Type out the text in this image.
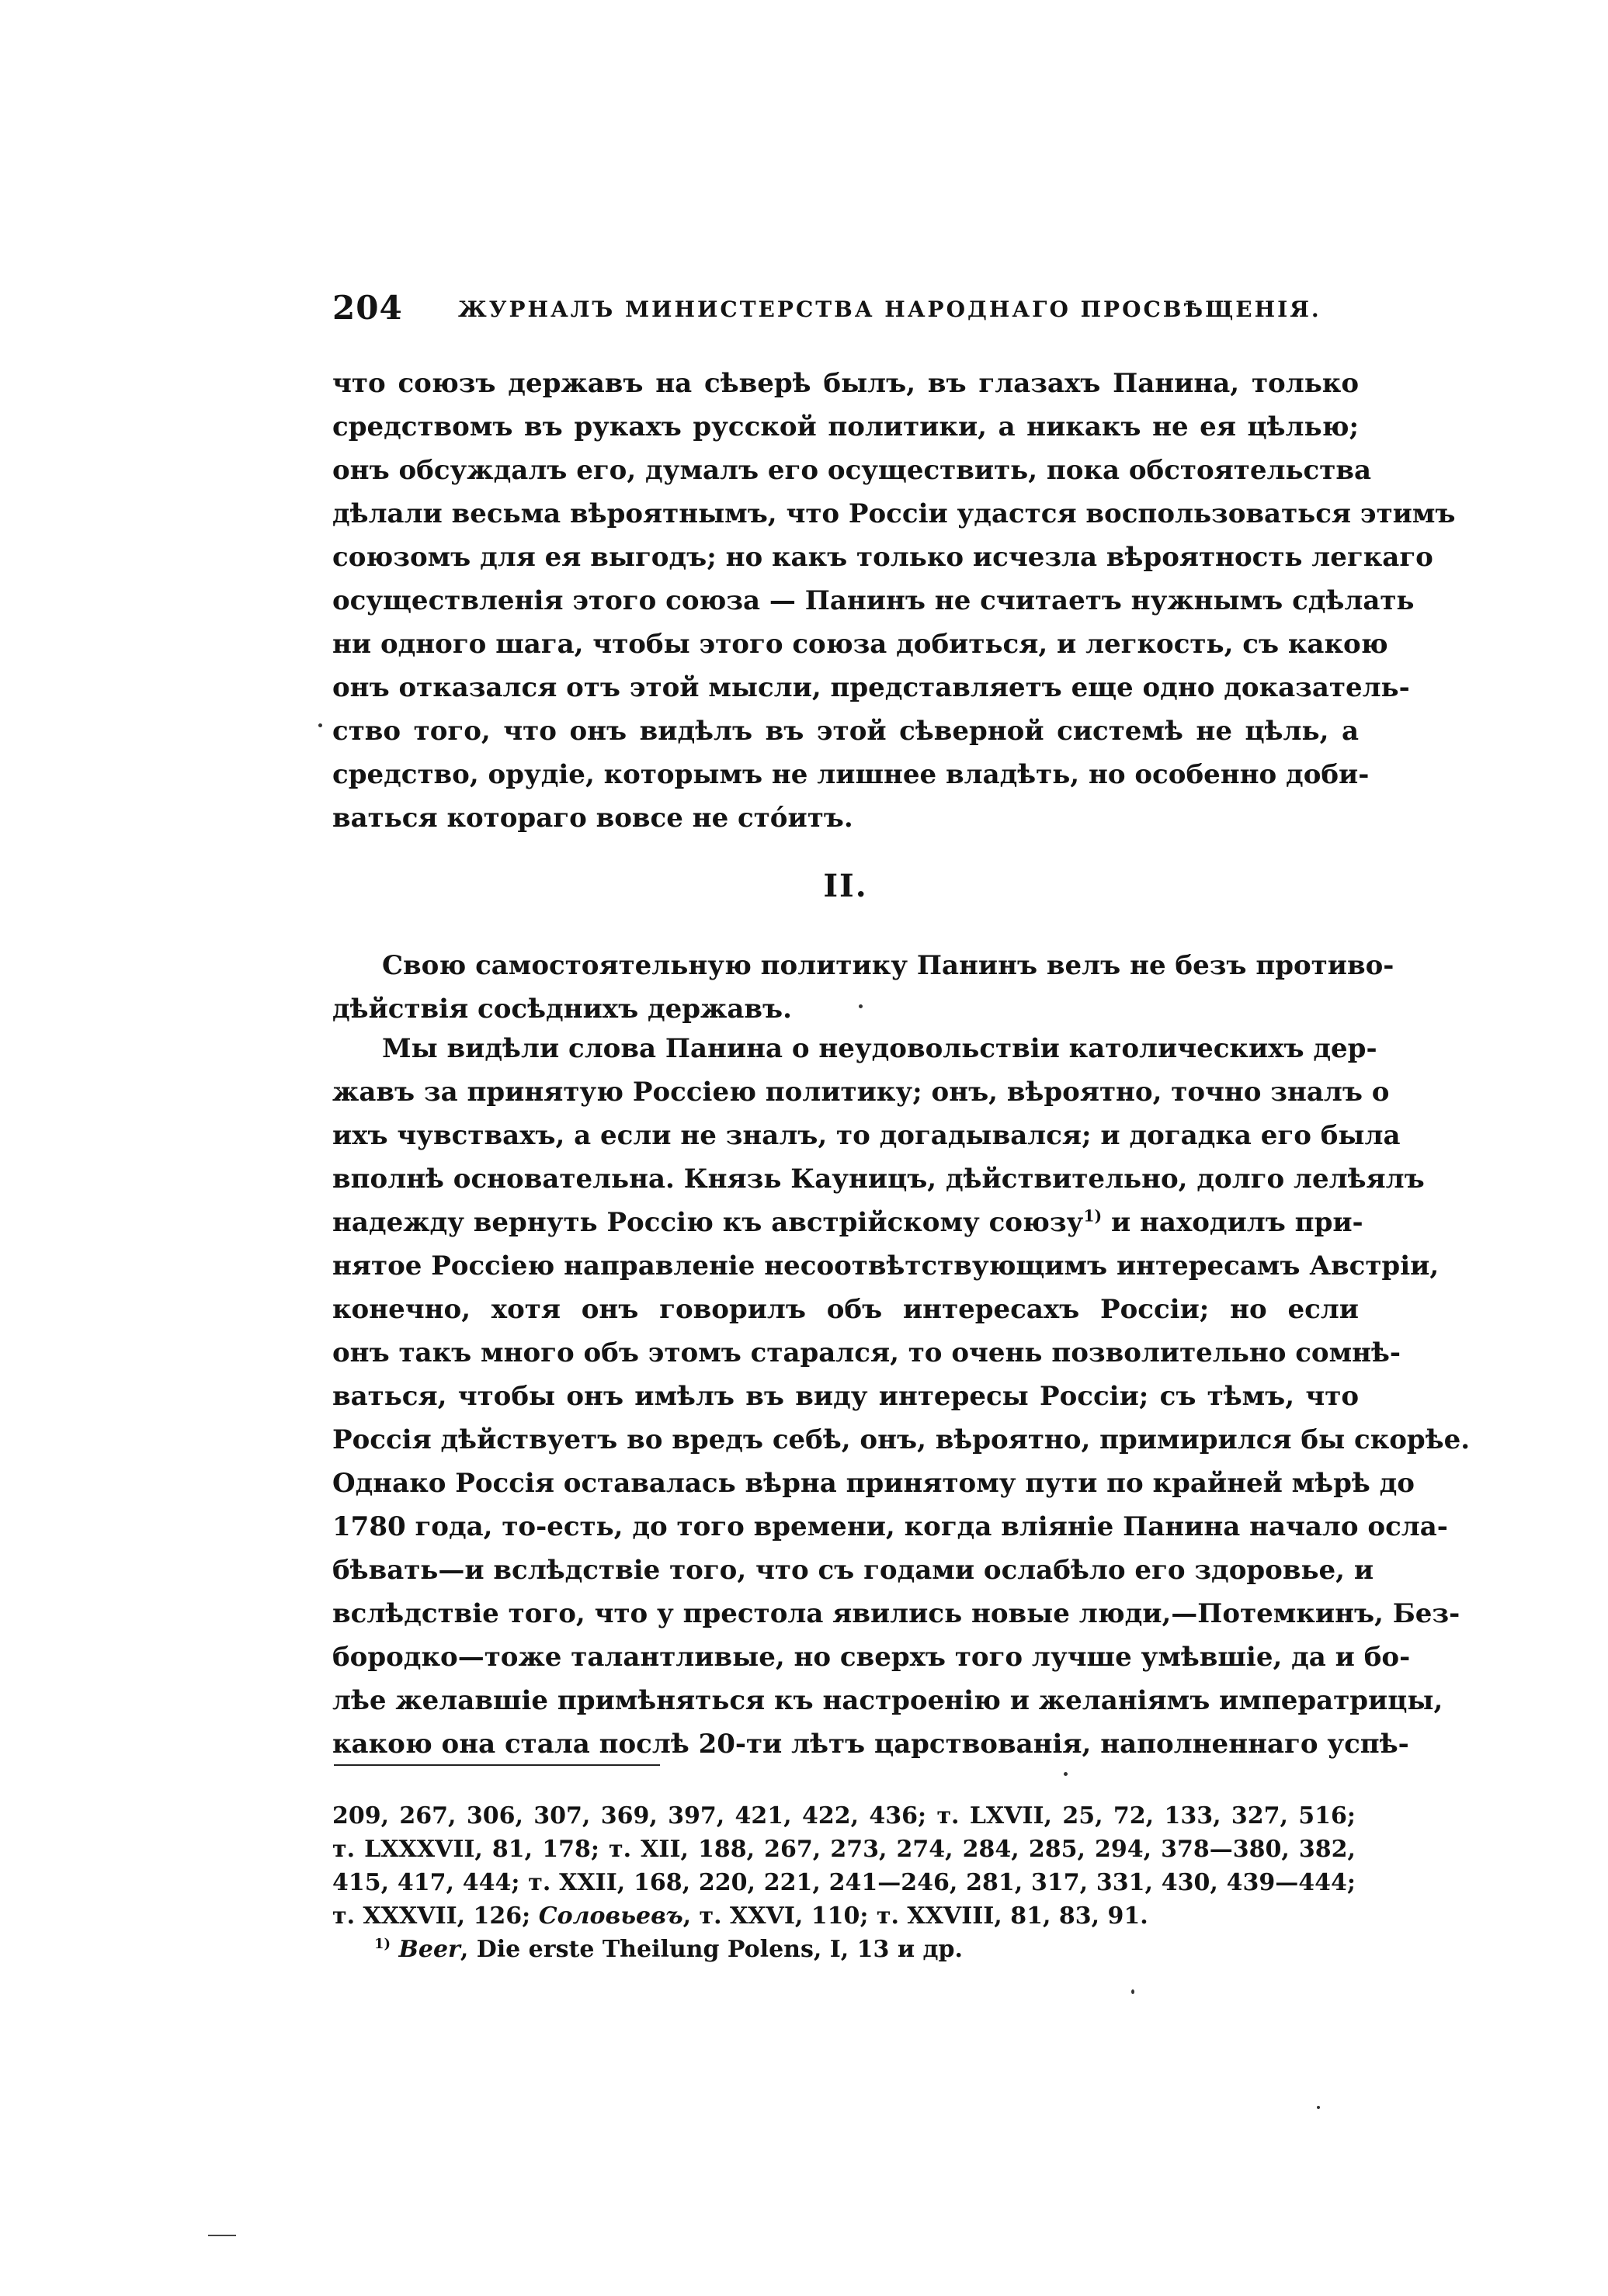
204	ЖУРНАЛЪ МИНИСТЕРСТВА НАРОДНАГО ПРОСВѢЩЕНІЯ.
что союзъ державъ на сѣверѣ былъ, въ глазахъ Панина, только
средствомъ въ рукахъ русской политики, а никакъ не ея цѣлью;
онъ обсуждалъ его, думалъ его осуществить, пока обстоятельства
дѣлали весьма вѣроятнымъ, что Россіи удастся воспользоваться этимъ
союзомъ для ея выгодъ; но какъ только исчезла вѣроятность легкаго
осуществленія этого союза — Панинъ не считаетъ нужнымъ сдѣлать
ни одного шага, чтобы этого союза добиться, и легкость, съ какою
онъ отказался отъ этой мысли, представляетъ еще одно доказатель-
ство того, что онъ видѣлъ въ этой сѣверной системѣ не цѣль, а
средство, орудіе, которымъ не лишнее владѣть, но особенно доби-
ваться котораго вовсе не стóитъ.
II.
Свою самостоятельную политику Панинъ велъ не безъ противо-
дѣйствія сосѣднихъ державъ.
Мы видѣли слова Панина о неудовольствіи католическихъ дер-
жавъ за принятую Россіею политику; онъ, вѣроятно, точно зналъ о
ихъ чувствахъ, а если не зналъ, то догадывался; и догадка его была
вполнѣ основательна. Князь Кауницъ, дѣйствительно, долго лелѣялъ
надежду вернуть Россію къ австрійскому союзу$^{1)}$ и находилъ при-
нятое Россіею направленіе несоотвѣтствующимъ интересамъ Австріи,
конечно, хотя онъ говорилъ объ интересахъ Россіи; но если
онъ такъ много объ этомъ старался, то очень позволительно сомнѣ-
ваться, чтобы онъ имѣлъ въ виду интересы Россіи; съ тѣмъ, что
Россія дѣйствуетъ во вредъ себѣ, онъ, вѣроятно, примирился бы скорѣе.
Однако Россія оставалась вѣрна принятому пути по крайней мѣрѣ до
1780 года, то-есть, до того времени, когда вліяніе Панина начало осла-
бѣвать—и вслѣдствіе того, что съ годами ослабѣло его здоровье, и
вслѣдствіе того, что у престола явились новые люди,—Потемкинъ, Без-
бородко—тоже талантливые, но сверхъ того лучше умѣвшіе, да и бо-
лѣе желавшіе примѣняться къ настроенію и желаніямъ императрицы,
какою она стала послѣ 20-ти лѣтъ царствованія, наполненнаго успѣ-
209, 267, 306, 307, 369, 397, 421, 422, 436; т. LXVII, 25, 72, 133, 327, 516;
т. LXXXVII, 81, 178; т. XII, 188, 267, 273, 274, 284, 285, 294, 378—380, 382,
415, 417, 444; т. XXII, 168, 220, 221, 241—246, 281, 317, 331, 430, 439—444;
т. XXXVII, 126; Соловьевъ, т. XXVI, 110; т. XXVIII, 81, 83, 91.
$^{1)}$ Beer, Die erste Theilung Polens, I, 13 и др.
